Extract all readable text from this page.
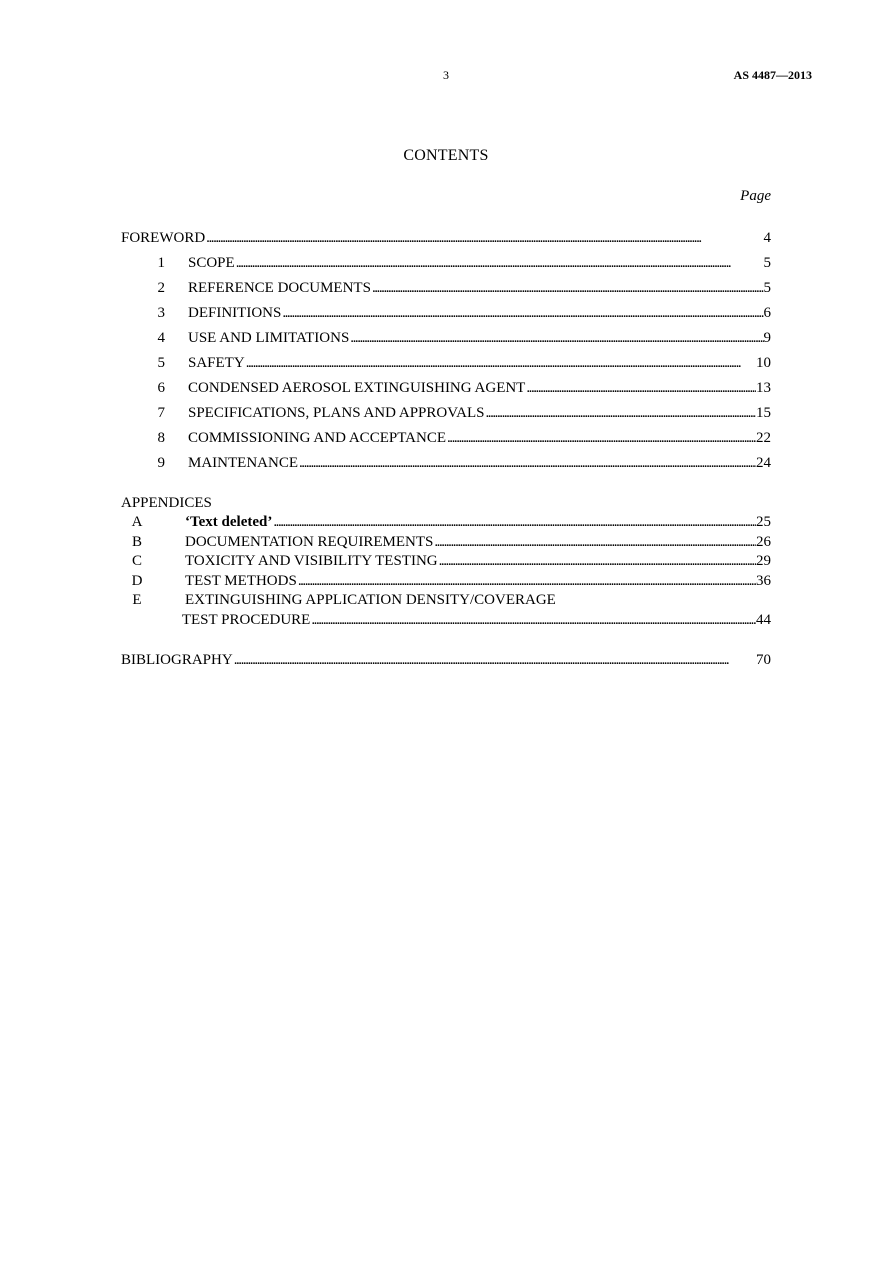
3	AS 4487—2013
CONTENTS
Page
FOREWORD . . .	4
1 SCOPE . . .	5
2 REFERENCE DOCUMENTS . . .	5
3 DEFINITIONS . . .	6
4 USE AND LIMITATIONS . . .	9
5 SAFETY . . .	10
6 CONDENSED AEROSOL EXTINGUISHING AGENT . . .	13
7 SPECIFICATIONS, PLANS AND APPROVALS . . .	15
8 COMMISSIONING AND ACCEPTANCE . . .	22
9 MAINTENANCE . . .	24
APPENDICES
A	‘Text deleted’ . . .	25
B	DOCUMENTATION REQUIREMENTS . . .	26
C	TOXICITY AND VISIBILITY TESTING . . .	29
D	TEST METHODS . . .	36
E	EXTINGUISHING APPLICATION DENSITY/COVERAGE
TEST PROCEDURE . . .	44
BIBLIOGRAPHY . . .	70
